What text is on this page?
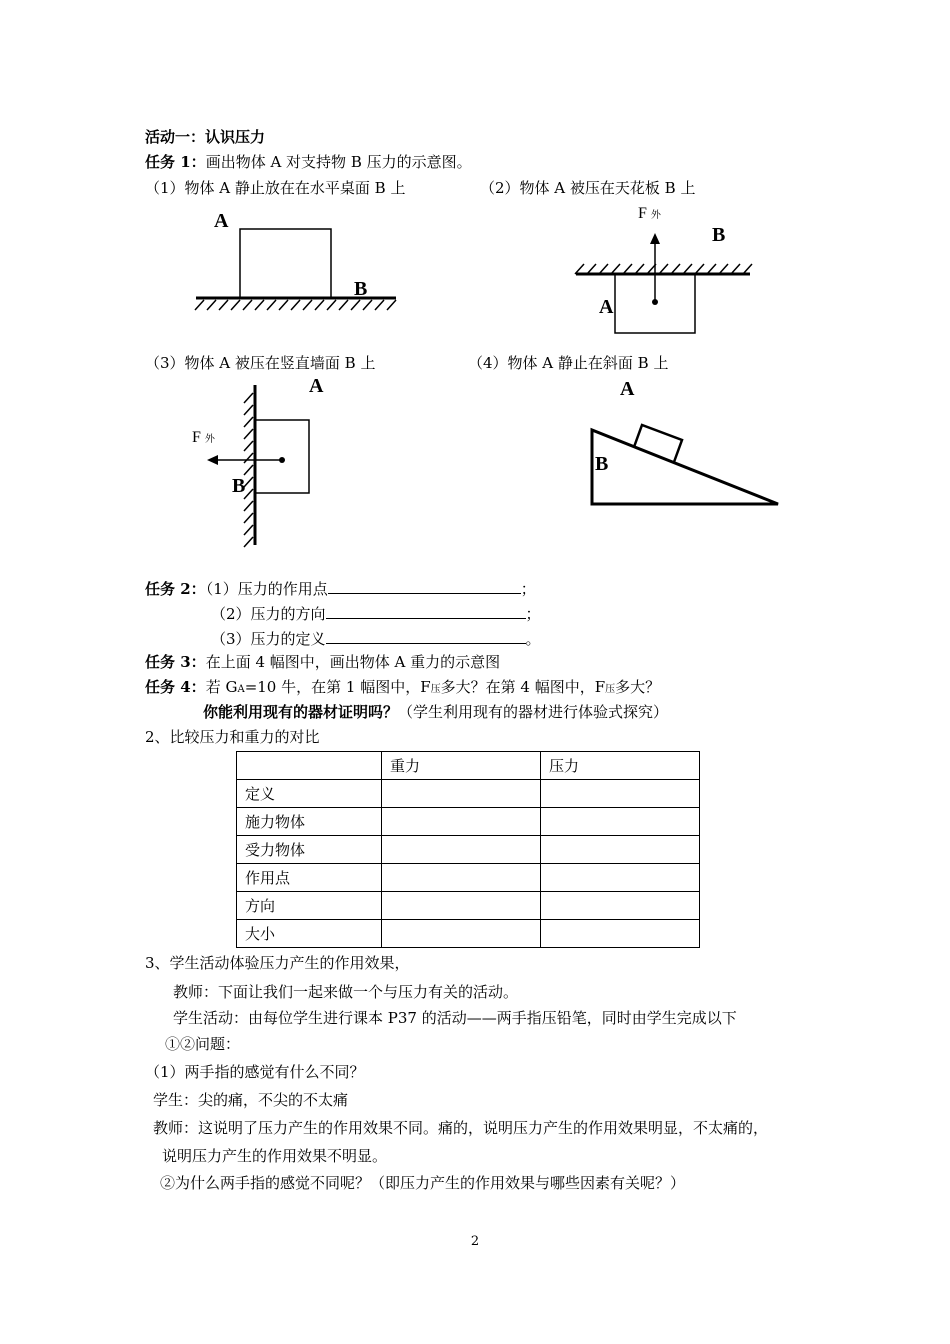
活动一：认识压力
任务 1：画出物体 A 对支持物 B 压力的示意图。
（1）物体 A 静止放在在水平桌面 B 上	（2）物体 A 被压在天花板 B 上
A
B
F 外
B
A
（3）物体 A 被压在竖直墙面 B 上	（4）物体 A 静止在斜面 B 上
A
F 外
B
A
B
任务 2：（1）压力的作用点	；
（2）压力的方向	；
（3）压力的定义	。
任务 3：在上面 4 幅图中，画出物体 A 重力的示意图
任务 4：若 GA=10 牛，在第 1 幅图中，F压多大？在第 4 幅图中，F压多大？
你能利用现有的器材证明吗？（学生利用现有的器材进行体验式探究）
2、比较压力和重力的对比
	重力	压力
定义		
施力物体		
受力物体		
作用点		
方向		
大小		
3、学生活动体验压力产生的作用效果，
教师：下面让我们一起来做一个与压力有关的活动。
学生活动：由每位学生进行课本 P37 的活动——两手指压铅笔，同时由学生完成以下
①②问题：
（1）两手指的感觉有什么不同？
学生：尖的痛，不尖的不太痛
教师：这说明了压力产生的作用效果不同。痛的，说明压力产生的作用效果明显，不太痛的，
说明压力产生的作用效果不明显。
②为什么两手指的感觉不同呢？（即压力产生的作用效果与哪些因素有关呢？）
2
